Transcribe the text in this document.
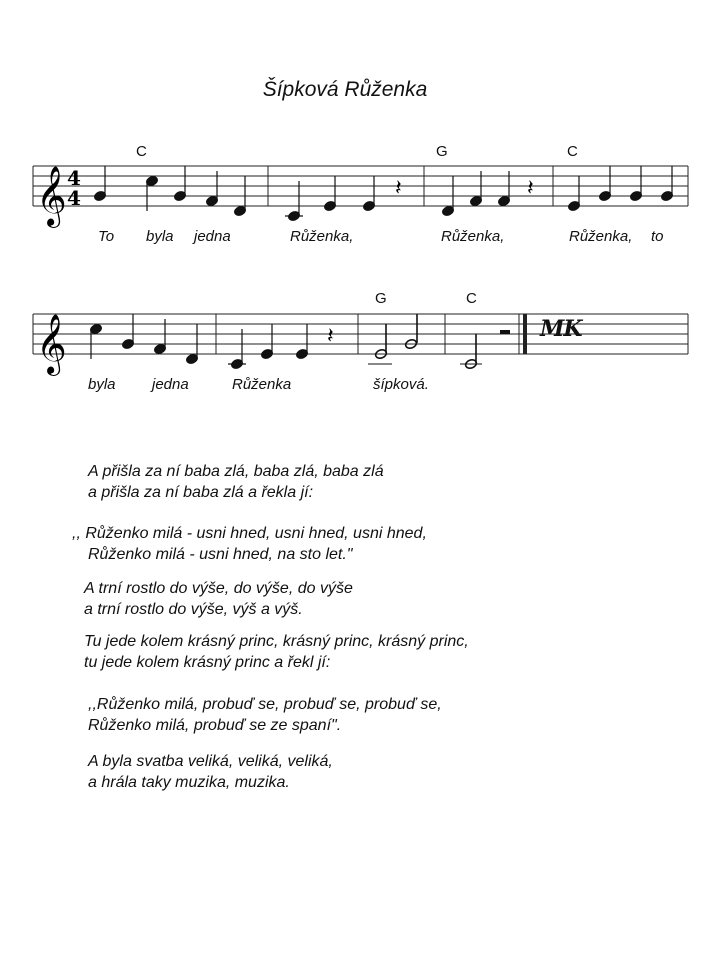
Šípková Růženka
𝄞 4
4	𝄽	𝄽
𝄞	𝄽
C	G	C
To byla jedna	Růženka,	Růženka,	Růženka, to
G	C
byla jedna	Růženka	šípková.
MK
A přišla za ní baba zlá, baba zlá, baba zlá
a přišla za ní baba zlá a řekla jí:
,, Růženko milá - usni hned, usni hned, usni hned,
Růženko milá - usni hned, na sto let."
A trní rostlo do výše, do výše, do výše
a trní rostlo do výše, výš a výš.
Tu jede kolem krásný princ, krásný princ, krásný princ,
tu jede kolem krásný princ a řekl jí:
,,Růženko milá, probuď se, probuď se, probuď se,
Růženko milá, probuď se ze spaní".
A byla svatba veliká, veliká, veliká,
a hrála taky muzika, muzika.
